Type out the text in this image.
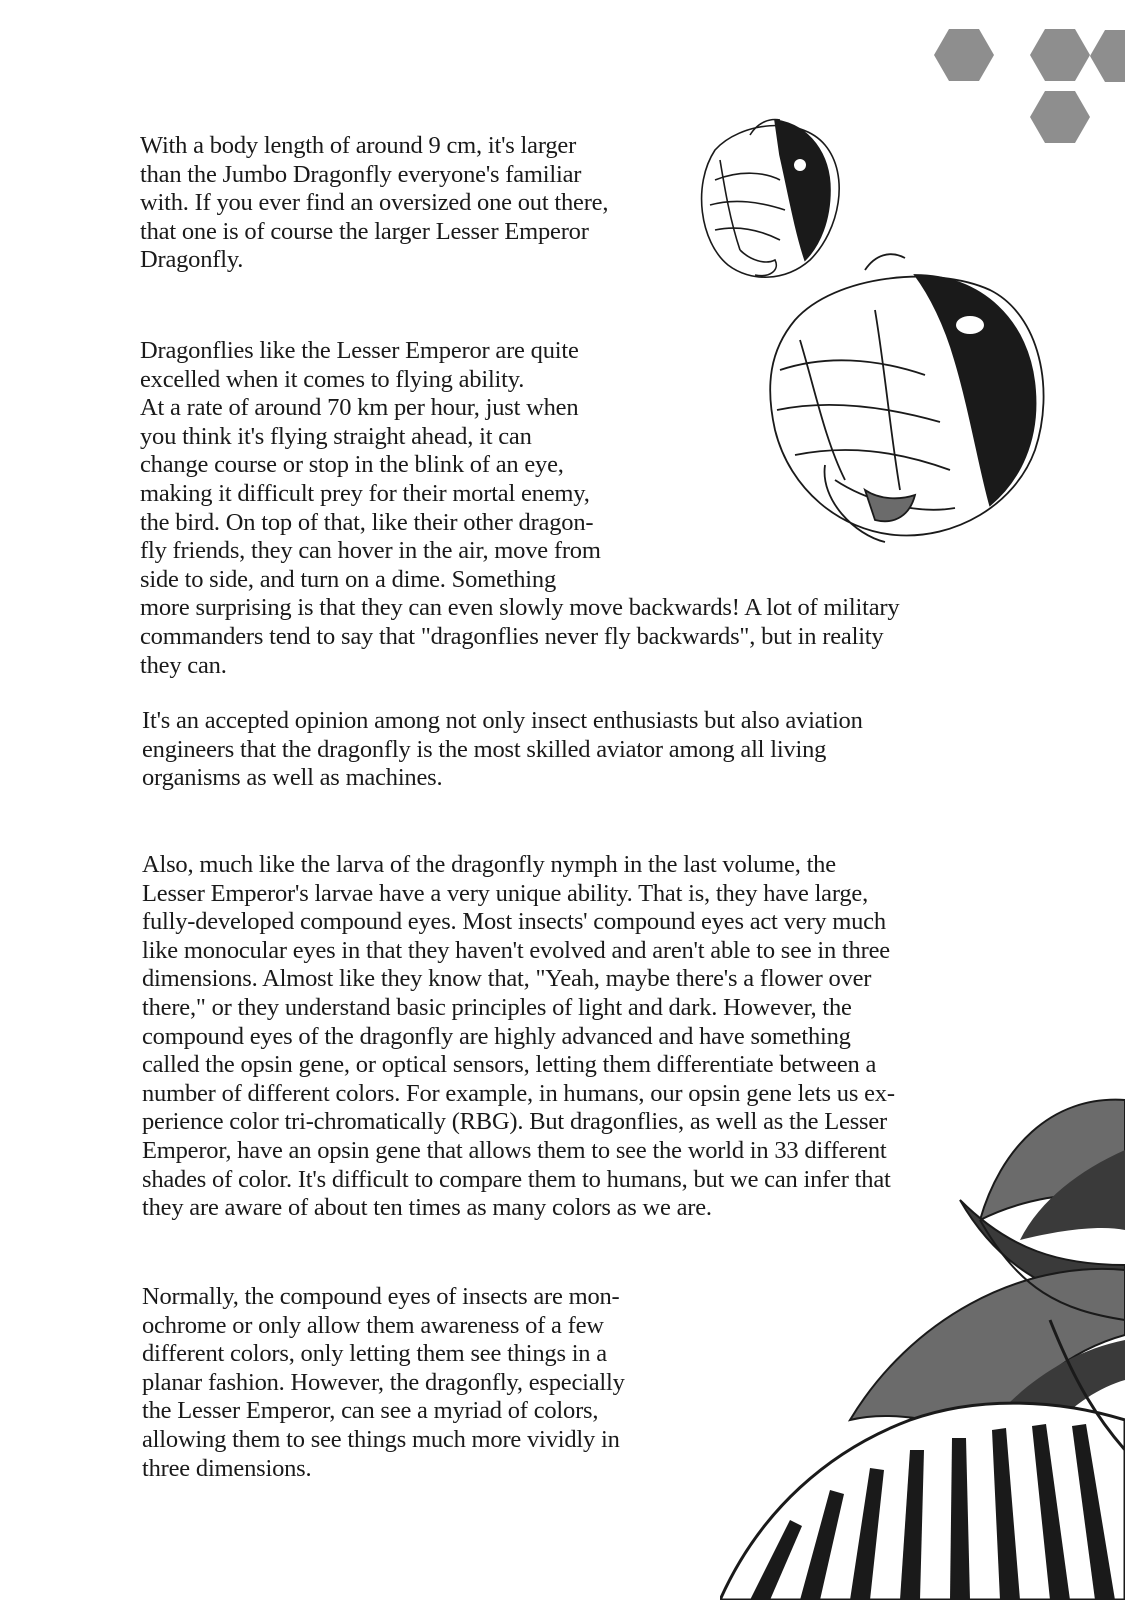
With a body length of around 9 cm, it's larger
than the Jumbo Dragonfly everyone's familiar
with. If you ever find an oversized one out there,
that one is of course the larger Lesser Emperor
Dragonfly.

Dragonflies like the Lesser Emperor are quite
excelled when it comes to flying ability.
At a rate of around 70 km per hour, just when
you think it's flying straight ahead, it can
change course or stop in the blink of an eye,
making it difficult prey for their mortal enemy,
the bird. On top of that, like their other dragon-
fly friends, they can hover in the air, move from
side to side, and turn on a dime. Something
more surprising is that they can even slowly move backwards! A lot of military
commanders tend to say that "dragonflies never fly backwards", but in reality
they can.

It's an accepted opinion among not only insect enthusiasts but also aviation
engineers that the dragonfly is the most skilled aviator among all living
organisms as well as machines.

Also, much like the larva of the dragonfly nymph in the last volume, the
Lesser Emperor's larvae have a very unique ability. That is, they have large,
fully-developed compound eyes. Most insects' compound eyes act very much
like monocular eyes in that they haven't evolved and aren't able to see in three
dimensions. Almost like they know that, "Yeah, maybe there's a flower over
there," or they understand basic principles of light and dark. However, the
compound eyes of the dragonfly are highly advanced and have something
called the opsin gene, or optical sensors, letting them differentiate between a
number of different colors. For example, in humans, our opsin gene lets us ex-
perience color tri-chromatically (RBG). But dragonflies, as well as the Lesser
Emperor, have an opsin gene that allows them to see the world in 33 different
shades of color. It's difficult to compare them to humans, but we can infer that
they are aware of about ten times as many colors as we are.

Normally, the compound eyes of insects are mon-
ochrome or only allow them awareness of a few
different colors, only letting them see things in a
planar fashion. However, the dragonfly, especially
the Lesser Emperor, can see a myriad of colors,
allowing them to see things much more vividly in
three dimensions.
